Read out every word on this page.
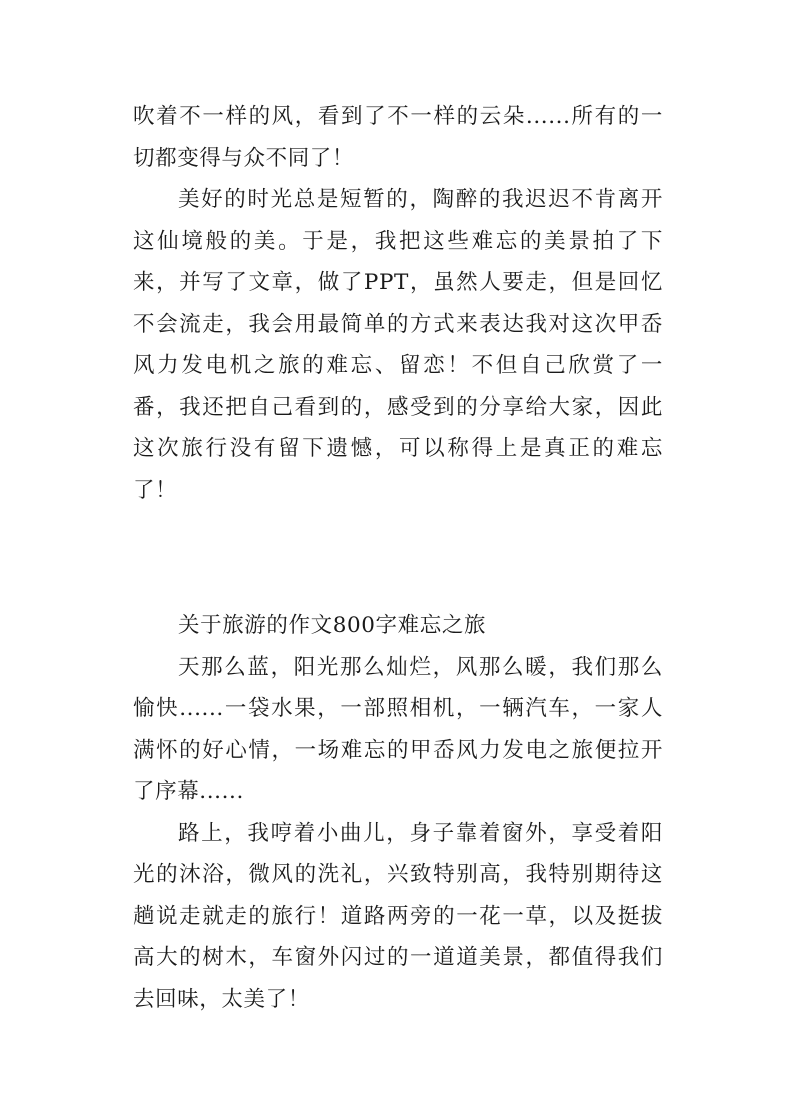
吹着不一样的风，看到了不一样的云朵......所有的一切都变得与众不同了！

美好的时光总是短暂的，陶醉的我迟迟不肯离开这仙境般的美。于是，我把这些难忘的美景拍了下来，并写了文章，做了PPT，虽然人要走，但是回忆不会流走，我会用最简单的方式来表达我对这次甲岙风力发电机之旅的难忘、留恋！不但自己欣赏了一番，我还把自己看到的，感受到的分享给大家，因此这次旅行没有留下遗憾，可以称得上是真正的难忘了！

关于旅游的作文800字难忘之旅

天那么蓝，阳光那么灿烂，风那么暖，我们那么愉快......一袋水果，一部照相机，一辆汽车，一家人满怀的好心情，一场难忘的甲岙风力发电之旅便拉开了序幕......

路上，我哼着小曲儿，身子靠着窗外，享受着阳光的沐浴，微风的洗礼，兴致特别高，我特别期待这趟说走就走的旅行！道路两旁的一花一草，以及挺拔高大的树木，车窗外闪过的一道道美景，都值得我们去回味，太美了！
